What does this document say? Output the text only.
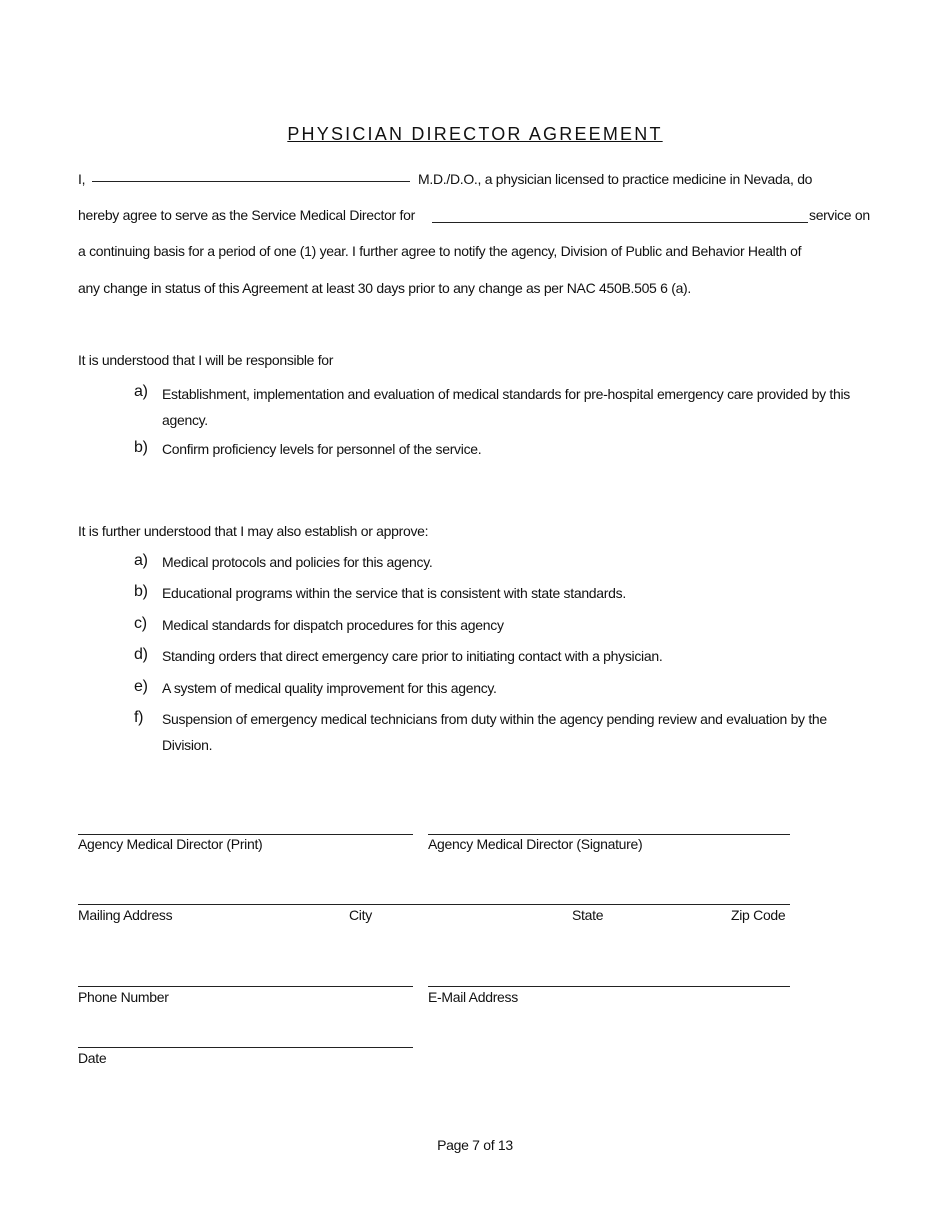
PHYSICIAN DIRECTOR AGREEMENT
I,	M.D./D.O., a physician licensed to practice medicine in Nevada, do
hereby agree to serve as the Service Medical Director for	service on
a continuing basis for a period of one (1) year. I further agree to notify the agency, Division of Public and Behavior Health of
any change in status of this Agreement at least 30 days prior to any change as per NAC 450B.505 6 (a).
It is understood that I will be responsible for
a) Establishment, implementation and evaluation of medical standards for pre-hospital emergency care provided by this agency.
b) Confirm proficiency levels for personnel of the service.
It is further understood that I may also establish or approve:
a) Medical protocols and policies for this agency.
b) Educational programs within the service that is consistent with state standards.
c) Medical standards for dispatch procedures for this agency
d) Standing orders that direct emergency care prior to initiating contact with a physician.
e) A system of medical quality improvement for this agency.
f) Suspension of emergency medical technicians from duty within the agency pending review and evaluation by the Division.
Agency Medical Director (Print)	Agency Medical Director (Signature)
Mailing Address	City	State	Zip Code
Phone Number	E-Mail Address
Date
Page 7 of 13
